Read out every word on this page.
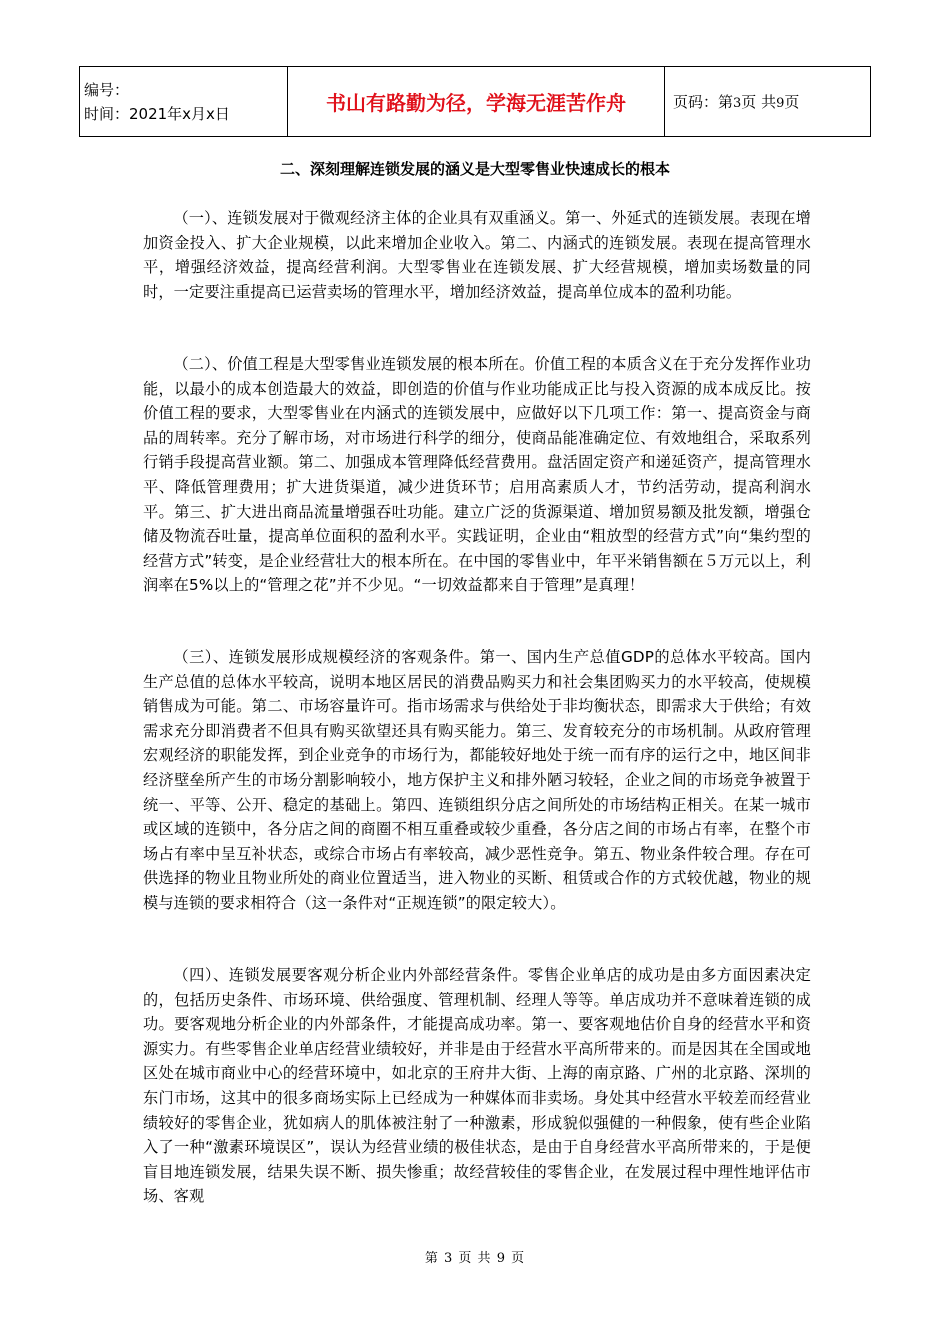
编号：
时间：2021年x月x日	书山有路勤为径，学海无涯苦作舟	页码：第3页 共9页
二、深刻理解连锁发展的涵义是大型零售业快速成长的根本

（一）、连锁发展对于微观经济主体的企业具有双重涵义。第一、外延式的连锁发展。表现在增加资金投入、扩大企业规模，以此来增加企业收入。第二、内涵式的连锁发展。表现在提高管理水平，增强经济效益，提高经营利润。大型零售业在连锁发展、扩大经营规模，增加卖场数量的同时，一定要注重提高已运营卖场的管理水平，增加经济效益，提高单位成本的盈利功能。

（二）、价值工程是大型零售业连锁发展的根本所在。价值工程的本质含义在于充分发挥作业功能，以最小的成本创造最大的效益，即创造的价值与作业功能成正比与投入资源的成本成反比。按价值工程的要求，大型零售业在内涵式的连锁发展中，应做好以下几项工作：第一、提高资金与商品的周转率。充分了解市场，对市场进行科学的细分，使商品能准确定位、有效地组合，采取系列行销手段提高营业额。第二、加强成本管理降低经营费用。盘活固定资产和递延资产，提高管理水平、降低管理费用；扩大进货渠道，减少进货环节；启用高素质人才，节约活劳动，提高利润水平。第三、扩大进出商品流量增强吞吐功能。建立广泛的货源渠道、增加贸易额及批发额，增强仓储及物流吞吐量，提高单位面积的盈利水平。实践证明，企业由“粗放型的经营方式”向“集约型的经营方式”转变，是企业经营壮大的根本所在。在中国的零售业中，年平米销售额在５万元以上，利润率在5%以上的“管理之花”并不少见。“一切效益都来自于管理”是真理！

（三）、连锁发展形成规模经济的客观条件。第一、国内生产总值GDP的总体水平较高。国内生产总值的总体水平较高，说明本地区居民的消费品购买力和社会集团购买力的水平较高，使规模销售成为可能。第二、市场容量许可。指市场需求与供给处于非均衡状态，即需求大于供给；有效需求充分即消费者不但具有购买欲望还具有购买能力。第三、发育较充分的市场机制。从政府管理宏观经济的职能发挥，到企业竞争的市场行为，都能较好地处于统一而有序的运行之中，地区间非经济壁垒所产生的市场分割影响较小，地方保护主义和排外陋习较轻，企业之间的市场竞争被置于统一、平等、公开、稳定的基础上。第四、连锁组织分店之间所处的市场结构正相关。在某一城市或区域的连锁中，各分店之间的商圈不相互重叠或较少重叠，各分店之间的市场占有率，在整个市场占有率中呈互补状态，或综合市场占有率较高，减少恶性竞争。第五、物业条件较合理。存在可供选择的物业且物业所处的商业位置适当，进入物业的买断、租赁或合作的方式较优越，物业的规模与连锁的要求相符合（这一条件对“正规连锁”的限定较大）。

（四）、连锁发展要客观分析企业内外部经营条件。零售企业单店的成功是由多方面因素决定的，包括历史条件、市场环境、供给强度、管理机制、经理人等等。单店成功并不意味着连锁的成功。要客观地分析企业的内外部条件，才能提高成功率。第一、要客观地估价自身的经营水平和资源实力。有些零售企业单店经营业绩较好，并非是由于经营水平高所带来的。而是因其在全国或地区处在城市商业中心的经营环境中，如北京的王府井大街、上海的南京路、广州的北京路、深圳的东门市场，这其中的很多商场实际上已经成为一种媒体而非卖场。身处其中经营水平较差而经营业绩较好的零售企业，犹如病人的肌体被注射了一种激素，形成貌似强健的一种假象，使有些企业陷入了一种“激素环境误区”，误认为经营业绩的极佳状态，是由于自身经营水平高所带来的，于是便盲目地连锁发展，结果失误不断、损失惨重；故经营较佳的零售企业，在发展过程中理性地评估市场、客观

第 3 页 共 9 页
